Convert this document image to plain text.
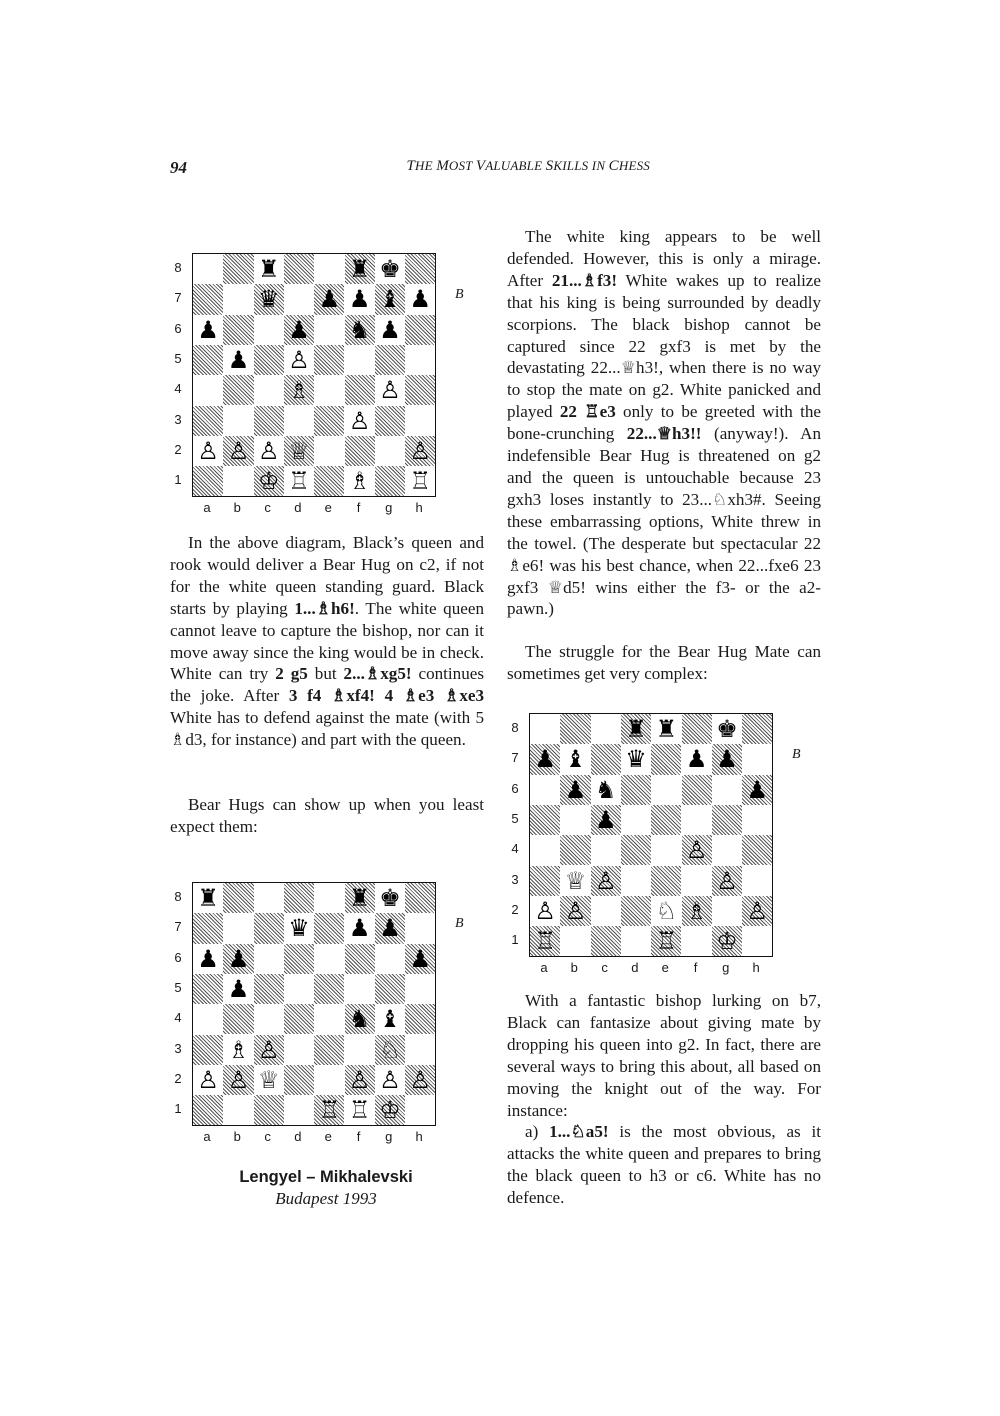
94	THE MOST VALUABLE SKILLS IN CHESS
8
7
6
5
4
3
2
1
♜	♜ ♚
♛ ♟ ♟ ♝ ♟
♟	♟ ♞ ♟
♟ ♙
♗	♙
♙
♙ ♙ ♙ ♕	♙
♔ ♖ ♗ ♖
a	b	c	d	e	f	g	h
B
8
7
6
5
4
3
2
1
♜	♜ ♚
♛ ♟ ♟
♟ ♟	♟
♟
♞ ♝
♗ ♙	♘
♙ ♙ ♕	♙ ♙ ♙
♖ ♖ ♔
a	b	c	d	e	f	g	h
B
8
7
6
5
4
3
2
1
♜ ♜ ♚
♟ ♝ ♛ ♟ ♟
♟ ♞	♟
♟
♙
♕ ♙	♙
♙ ♙	♘ ♗ ♙
♖	♖ ♔
a	b	c	d	e	f	g	h
B

In the above diagram, Black’s queen and rook would deliver a Bear Hug on c2, if not for the white queen standing guard. Black starts by playing 1...♗h6!. The white queen cannot leave to capture the bishop, nor can it move away since the king would be in check. White can try 2 g5 but 2...♗xg5! continues the joke. After 3 f4 ♗xf4! 4 ♗e3 ♗xe3 White has to defend against the mate (with 5 ♗d3, for instance) and part with the queen.

Bear Hugs can show up when you least expect them:

Lengyel – Mikhalevski
Budapest 1993

The white king appears to be well defended. However, this is only a mirage. After 21...♗f3! White wakes up to realize that his king is being surrounded by deadly scorpions. The black bishop cannot be captured since 22 gxf3 is met by the devastating 22...♕h3!, when there is no way to stop the mate on g2. White panicked and played 22 ♖e3 only to be greeted with the bone-crunching 22...♕h3!! (anyway!). An indefensible Bear Hug is threatened on g2 and the queen is untouchable because 23 gxh3 loses instantly to 23...♘xh3#. Seeing these embarrassing options, White threw in the towel. (The desperate but spectacular 22 ♗e6! was his best chance, when 22...fxe6 23 gxf3 ♕d5! wins either the f3- or the a2-pawn.)

The struggle for the Bear Hug Mate can sometimes get very complex:

With a fantastic bishop lurking on b7, Black can fantasize about giving mate by dropping his queen into g2. In fact, there are several ways to bring this about, all based on moving the knight out of the way. For instance:

a) 1...♘a5! is the most obvious, as it attacks the white queen and prepares to bring the black queen to h3 or c6. White has no defence.
